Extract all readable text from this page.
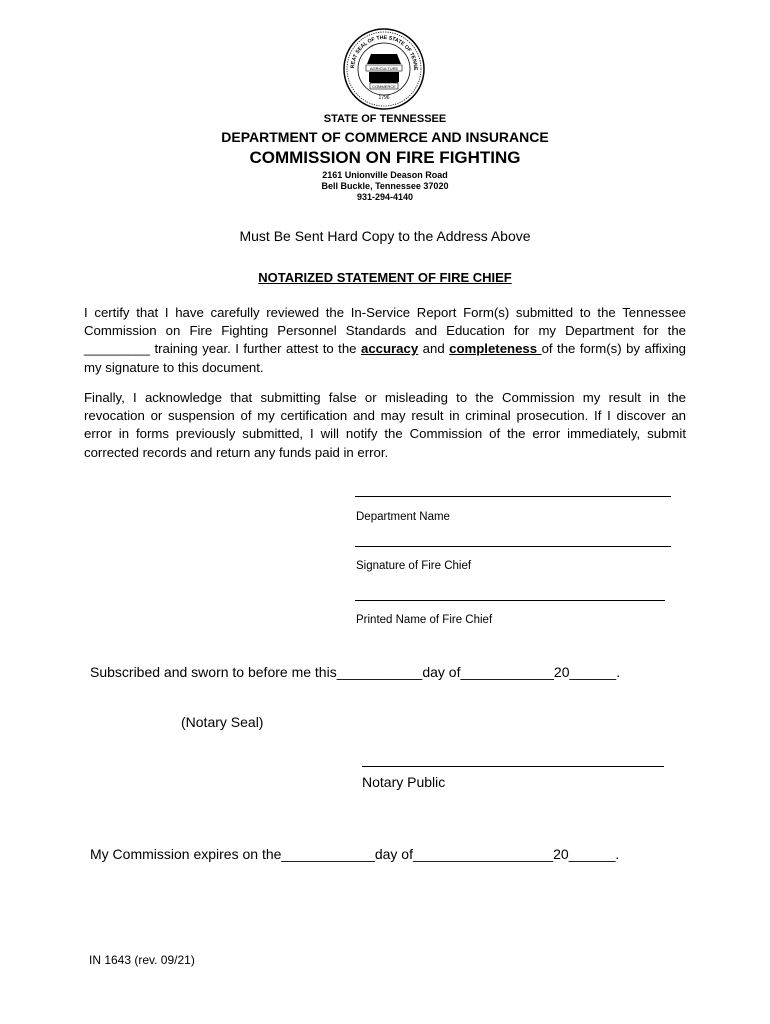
REAT SEAL OF THE STATE OF TENNE
AGRICULTURE
COMMERCE
1796
STATE OF TENNESSEE
DEPARTMENT OF COMMERCE AND INSURANCE
COMMISSION ON FIRE FIGHTING
2161 Unionville Deason Road
Bell Buckle, Tennessee 37020
931-294-4140
Must Be Sent Hard Copy to the Address Above
NOTARIZED STATEMENT OF FIRE CHIEF
I certify that I have carefully reviewed the In-Service Report Form(s) submitted to the Tennessee Commission on Fire Fighting Personnel Standards and Education for my Department for the _________ training year. I further attest to the accuracy and completeness of the form(s) by affixing my signature to this document.
Finally, I acknowledge that submitting false or misleading to the Commission my result in the revocation or suspension of my certification and may result in criminal prosecution. If I discover an error in forms previously submitted, I will notify the Commission of the error immediately, submit corrected records and return any funds paid in error.
Department Name
Signature of Fire Chief
Printed Name of Fire Chief
Subscribed and sworn to before me this___________day of____________20______.
(Notary Seal)
Notary Public
My Commission expires on the____________day of__________________20______.
IN 1643 (rev. 09/21)
